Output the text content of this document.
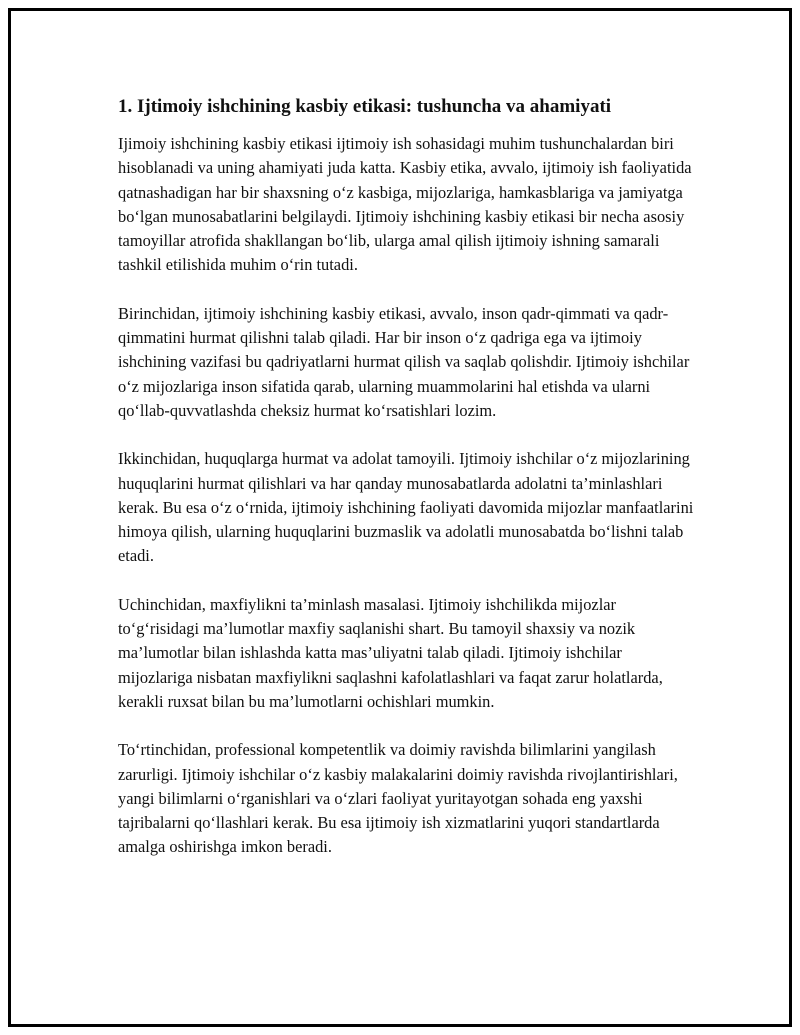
1. Ijtimoiy ishchining kasbiy etikasi: tushuncha va ahamiyati

Ijimoiy ishchining kasbiy etikasi ijtimoiy ish sohasidagi muhim tushunchalardan biri hisoblanadi va uning ahamiyati juda katta. Kasbiy etika, avvalo, ijtimoiy ish faoliyatida qatnashadigan har bir shaxsning o‘z kasbiga, mijozlariga, hamkasblariga va jamiyatga bo‘lgan munosabatlarini belgilaydi. Ijtimoiy ishchining kasbiy etikasi bir necha asosiy tamoyillar atrofida shakllangan bo‘lib, ularga amal qilish ijtimoiy ishning samarali tashkil etilishida muhim o‘rin tutadi.

Birinchidan, ijtimoiy ishchining kasbiy etikasi, avvalo, inson qadr-qimmati va qadr-qimmatini hurmat qilishni talab qiladi. Har bir inson o‘z qadriga ega va ijtimoiy ishchining vazifasi bu qadriyatlarni hurmat qilish va saqlab qolishdir. Ijtimoiy ishchilar o‘z mijozlariga inson sifatida qarab, ularning muammolarini hal etishda va ularni qo‘llab-quvvatlashda cheksiz hurmat ko‘rsatishlari lozim.

Ikkinchidan, huquqlarga hurmat va adolat tamoyili. Ijtimoiy ishchilar o‘z mijozlarining huquqlarini hurmat qilishlari va har qanday munosabatlarda adolatni ta’minlashlari kerak. Bu esa o‘z o‘rnida, ijtimoiy ishchining faoliyati davomida mijozlar manfaatlarini himoya qilish, ularning huquqlarini buzmaslik va adolatli munosabatda bo‘lishni talab etadi.

Uchinchidan, maxfiylikni ta’minlash masalasi. Ijtimoiy ishchilikda mijozlar to‘g‘risidagi ma’lumotlar maxfiy saqlanishi shart. Bu tamoyil shaxsiy va nozik ma’lumotlar bilan ishlashda katta mas’uliyatni talab qiladi. Ijtimoiy ishchilar mijozlariga nisbatan maxfiylikni saqlashni kafolatlashlari va faqat zarur holatlarda, kerakli ruxsat bilan bu ma’lumotlarni ochishlari mumkin.

To‘rtinchidan, professional kompetentlik va doimiy ravishda bilimlarini yangilash zarurligi. Ijtimoiy ishchilar o‘z kasbiy malakalarini doimiy ravishda rivojlantirishlari, yangi bilimlarni o‘rganishlari va o‘zlari faoliyat yuritayotgan sohada eng yaxshi tajribalarni qo‘llashlari kerak. Bu esa ijtimoiy ish xizmatlarini yuqori standartlarda amalga oshirishga imkon beradi.
